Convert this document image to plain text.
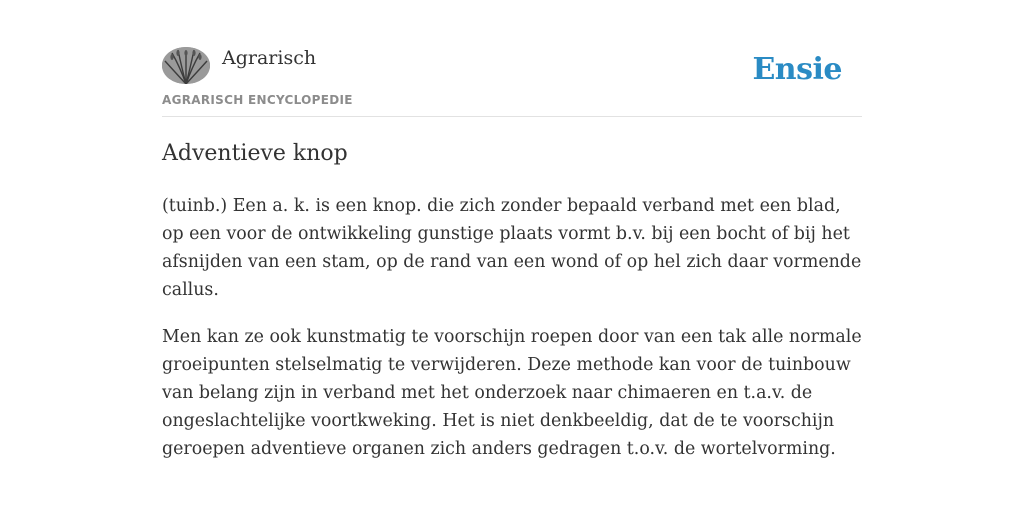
Agrarisch
AGRARISCH ENCYCLOPEDIE
Ensie
Adventieve knop

(tuinb.) Een a. k. is een knop. die zich zonder bepaald verband met een blad, op een voor de ontwikkeling gunstige plaats vormt b.v. bij een bocht of bij het afsnijden van een stam, op de rand van een wond of op hel zich daar vormende callus.

Men kan ze ook kunstmatig te voorschijn roepen door van een tak alle normale groeipunten stelselmatig te verwijderen. Deze methode kan voor de tuinbouw van belang zijn in verband met het onderzoek naar chimaeren en t.a.v. de ongeslachtelijke voortkweking. Het is niet denkbeeldig, dat de te voorschijn geroepen adventieve organen zich anders gedragen t.o.v. de wortelvorming.
